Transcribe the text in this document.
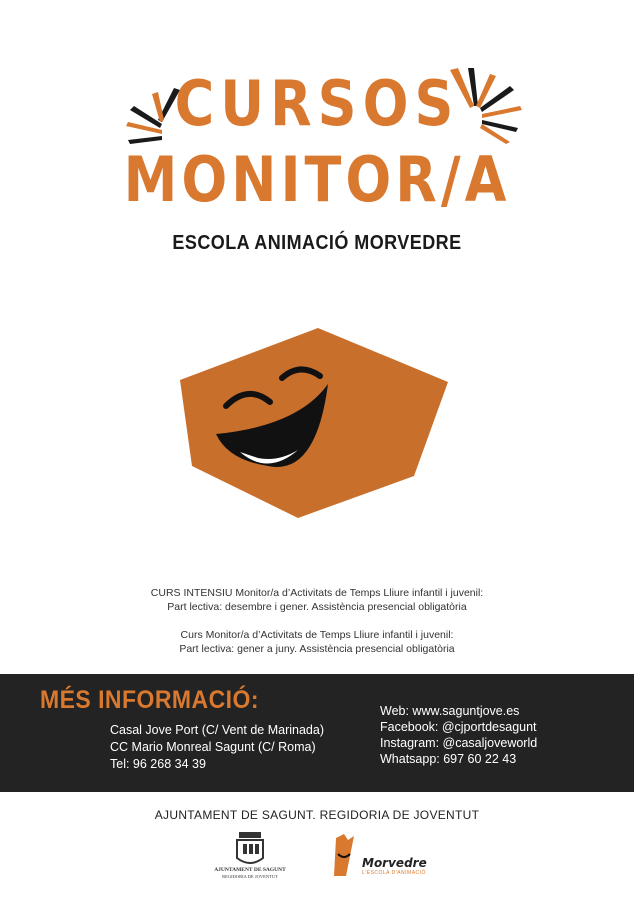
CURSOS
MONITOR/A
ESCOLA ANIMACIÓ MORVEDRE
CURS INTENSIU Monitor/a d’Activitats de Temps Lliure infantil i juvenil:
Part lectiva: desembre i gener. Assistència presencial obligatòria
Curs Monitor/a d’Activitats de Temps Lliure infantil i juvenil:
Part lectiva: gener a juny. Assistència presencial obligatòria
MÉS INFORMACIÓ:
Casal Jove Port (C/ Vent de Marinada)
CC Mario Monreal Sagunt (C/ Roma)
Tel: 96 268 34 39
Web: www.saguntjove.es
Facebook: @cjportdesagunt
Instagram: @casaljoveworld
Whatsapp: 697 60 22 43
AJUNTAMENT DE SAGUNT. REGIDORIA DE JOVENTUT
AJUNTAMENT DE SAGUNT
REGIDORIA DE JOVENTUT
Morvedre
L'ESCOLA D'ANIMACIÓ
